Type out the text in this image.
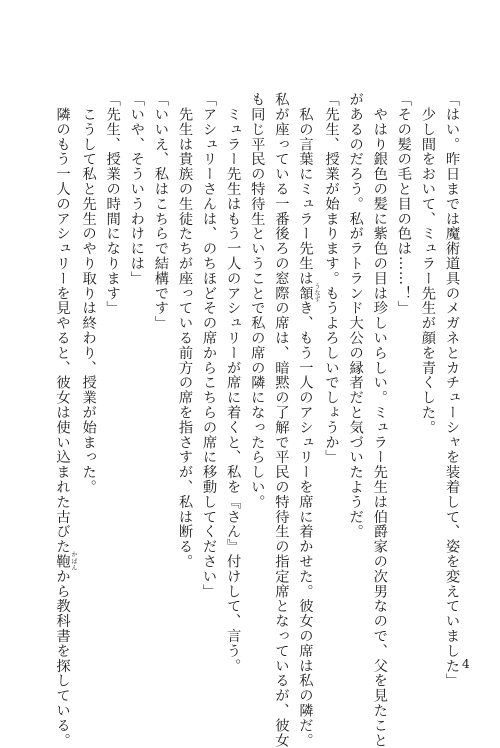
「はい。昨日までは魔術道具のメガネとカチューシャを装着して、姿を変えていました」
　少し間をおいて、ミュラー先生が顔を青くした。
「その髪の毛と目の色は……！」
　やはり銀色の髪に紫色の目は珍しいらしい。ミュラー先生は伯爵家の次男なので、父を見たこと
があるのだろう。私がラトランド大公の縁者だと気づいたようだ。
「先生、授業が始まります。もうよろしいでしょうか」
　私の言葉にミュラー先生は頷 うなずき、もう一人のアシュリーを席に着かせた。彼女の席は私の隣だ。
私が座っている一番後ろの窓際の席は、暗黙の了解で平民の特待生の指定席となっているが、彼女
も同じ平民の特待生ということで私の席の隣になったらしい。
　ミュラー先生はもう一人のアシュリーが席に着くと、私を『さん』付けして、言う。
「アシュリーさんは、のちほどその席からこちらの席に移動してください」
　先生は貴族の生徒たちが座っている前方の席を指さすが、私は断る。
「いいえ、私はこちらで結構です」
「いや、そういうわけには」
「先生、授業の時間になります」
　こうして私と先生のやり取りは終わり、授業が始まった。
　隣のもう一人のアシュリーを見やると、彼女は使い込まれた古びた鞄 かばんから教科書を探している。	4
